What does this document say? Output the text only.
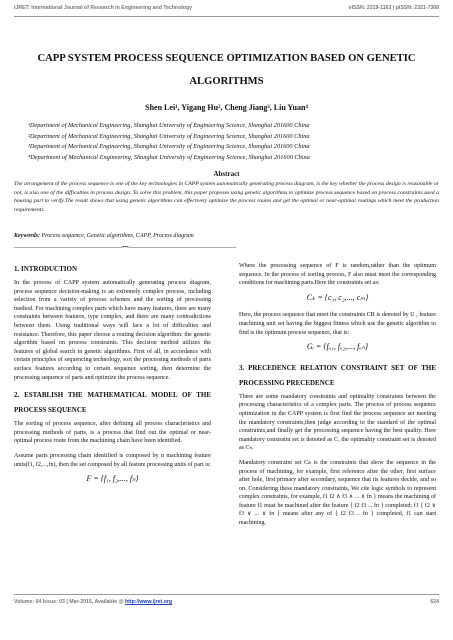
IJRET: International Journal of Research in Engineering and Technology	eISSN: 2319-1163 | pISSN: 2321-7308
CAPP SYSTEM PROCESS SEQUENCE OPTIMIZATION BASED ON GENETIC ALGORITHMS
Shen Lei¹, Yigang Hu², Cheng Jiang³, Liu Yuan⁴
¹Department of Mechanical Engineering, Shanghai University of Engineering Science, Shanghai 201600 China
²Department of Mechanical Engineering, Shanghai University of Engineering Science, Shanghai 201600 China
³Department of Mechanical Engineering, Shanghai University of Engineering Science, Shanghai 201600 China
⁴Department of Mechanical Engineering, Shanghai University of Engineering Science, Shanghai 201600 China
Abstract
The arrangement of the process sequence is one of the key technologies in CAPP system automatically generating process diagram, is the key whether the process design is reasonable or not, is also one of the difficulties in process design. To solve this problem, this paper proposes using genetic algorithms to optimize process sequence based on process constraints used a housing part to verify.The result shows that using genetic algorithms can effectively optimize the process routes and get the optimal or near-optimal routings which meet the production requirements.
Keywords: Process sequence, Genetic algorithms, CAPP, Process diagram
-------------------------------------------------------------------------------***-------------------------------------------------------------------------------
1. INTRODUCTION

In the process of CAPP system automatically generating process diagram, process sequence decision-making is an extremely complex process, including selection from a variety of process schemes and the sorting of processing method. For machining complex parts which have many features, there are many constraints between features, type complex, and there are many contradictions between them. Using traditional ways will face a lot of difficulties and resistance. Therefore, this paper choose a routing decision algorithm: the genetic algorithm based on process constraints. This decision method utilizes the features of global search in genetic algorithms. First of all, in accordance with certain principles of sequencing technology, sort the processing methods of parts surface features according to certain sequence sorting, then determine the processing sequence of parts and optimize the process sequence.

2. ESTABLISH THE MATHEMATICAL MODEL OF THE PROCESS SEQUENCE

The sorting of process sequence, after defining all process characteristics and processing methods of parts, is a process that find out the optimal or near-optimal process route from the machining chain have been identified.

Assume parts processing chain identified is composed by n machining feature units(f1, f2,...,fn), then the set composed by all feature processing units of part is:

F = {f₁, f₂,..., fₙ}

Where the processing sequence of F is random,rather than the optimum sequence. In the process of sorting process, F also must meet the corresponding conditions for machining parts.Here the constraints set as:

Cₖ = {c₁, c₂,..., cₘ}

Here, the process sequence that meet the constraints CR is denoted by U , feature machining unit set having the biggest fitness which use the genetic algorithm to find is the optimum process sequence, that is:

Gᵢ = {fᵤ₁, fᵤ₂,..., fᵤₙ}
3. PRECEDENCE RELATION CONSTRAINT SET OF THE PROCESSING PRECEDENCE

There are some mandatory constraints and optimality constraints between the processing characteristics of a complex parts. The process of process sequence optimization in the CAPP system is first find the process sequence set meeting the mandatory constraints,then judge according to the standard of the optimal constraints,and finally get the processing sequence having the best quality. Here mandatory constraint set is denoted as Cₐ the optimality constraint set is denoted as Cₕ.

Mandatory constraint set Ca is the constraints that show the sequence in the process of machining, for example, first reference after the other, first surface after hole, first primary after secondary, sequence that its features decide, and so on. Considering these mandatory constraints, We cite logic symbols to represent complex constraints, for example, f1 f2 ∧ f3 ∧ ... ∧ fn } means the machining of feature f1 must be machined after the feature { f2 f3 ... fn } completed; f1 { f2 ∨ f3 ∨ ... ∨ fn } means after any of { f2 f3 .. fn } completed, f1 can start machining.

Volume: 04 Issue: 03 | Mar-2015, Available @ http://www.ijret.org	624
